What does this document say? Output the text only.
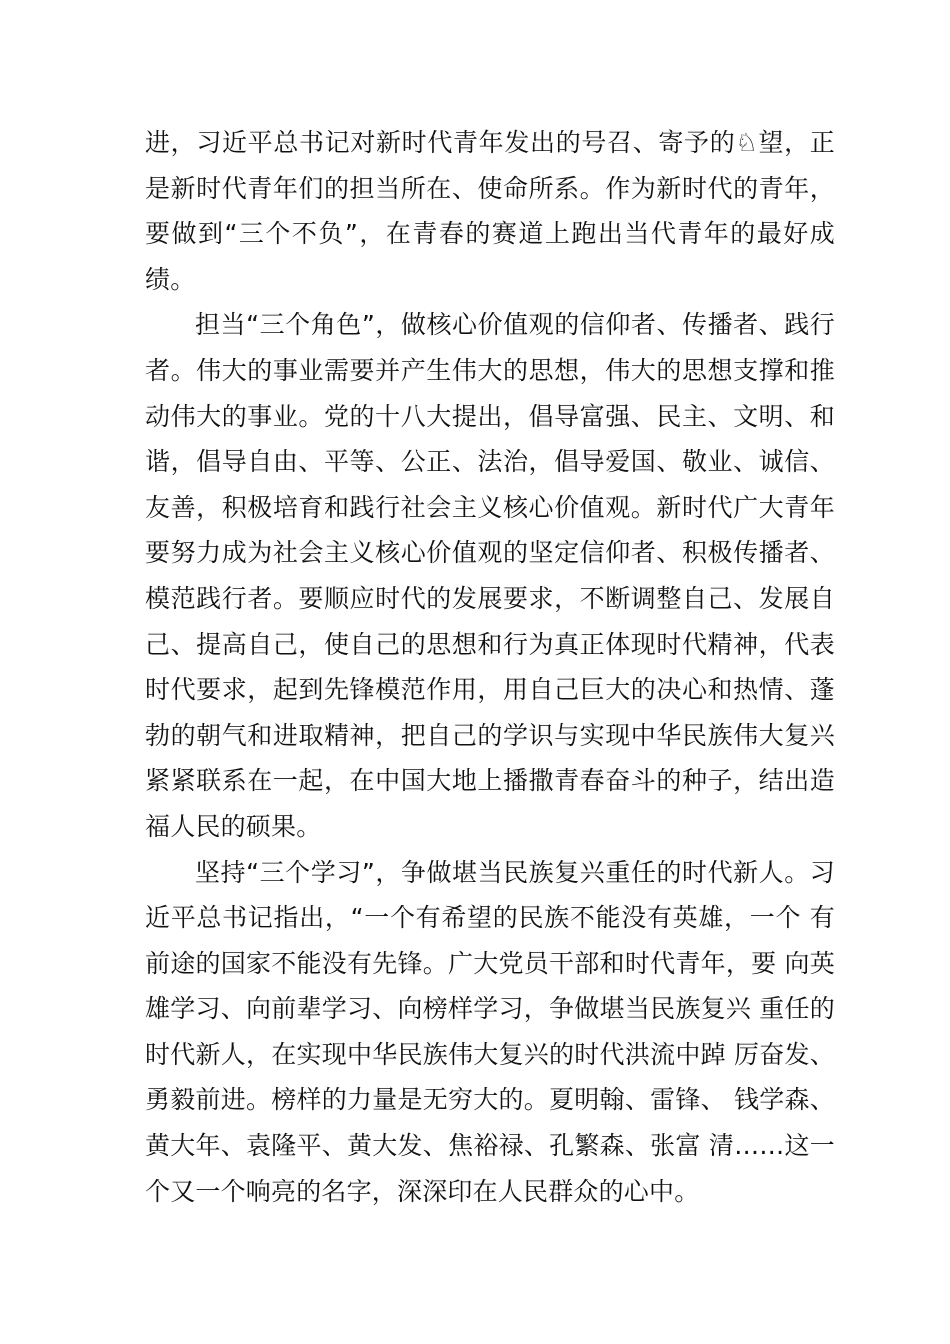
进，习近平总书记对新时代青年发出的号召、寄予的♘望，正是新时代青年们的担当所在、使命所系。作为新时代的青年，要做到“三个不负”，在青春的赛道上跑出当代青年的最好成绩。

担当“三个角色”，做核心价值观的信仰者、传播者、践行者。伟大的事业需要并产生伟大的思想，伟大的思想支撑和推动伟大的事业。党的十八大提出，倡导富强、民主、文明、和谐，倡导自由、平等、公正、法治，倡导爱国、敬业、诚信、友善，积极培育和践行社会主义核心价值观。新时代广大青年要努力成为社会主义核心价值观的坚定信仰者、积极传播者、模范践行者。要顺应时代的发展要求，不断调整自己、发展自己、提高自己，使自己的思想和行为真正体现时代精神，代表时代要求，起到先锋模范作用，用自己巨大的决心和热情、蓬勃的朝气和进取精神，把自己的学识与实现中华民族伟大复兴紧紧联系在一起，在中国大地上播撒青春奋斗的种子，结出造福人民的硕果。

坚持“三个学习”，争做堪当民族复兴重任的时代新人。习近平总书记指出，“一个有希望的民族不能没有英雄，一个 有前途的国家不能没有先锋。广大党员干部和时代青年，要 向英雄学习、向前辈学习、向榜样学习，争做堪当民族复兴 重任的时代新人，在实现中华民族伟大复兴的时代洪流中踔 厉奋发、勇毅前进。榜样的力量是无穷大的。夏明翰、雷锋、 钱学森、黄大年、袁隆平、黄大发、焦裕禄、孔繁森、张富 清……这一个又一个响亮的名字，深深印在人民群众的心中。
